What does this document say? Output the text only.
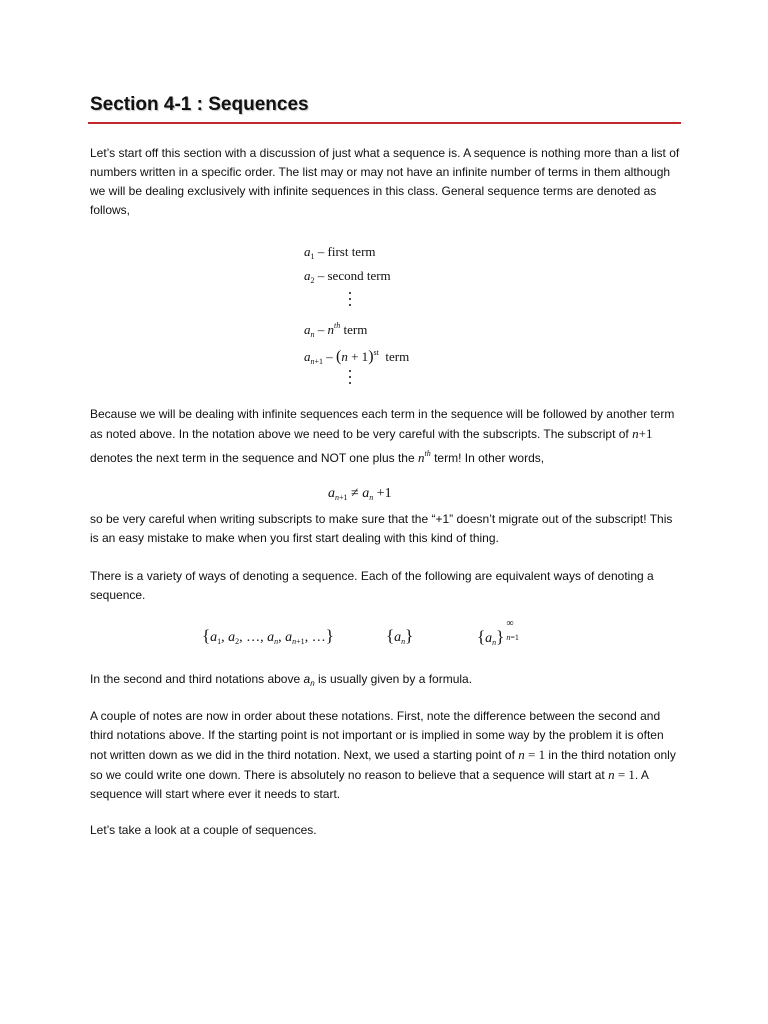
Section 4-1 : Sequences
Let’s start off this section with a discussion of just what a sequence is. A sequence is nothing more than a list of numbers written in a specific order. The list may or may not have an infinite number of terms in them although we will be dealing exclusively with infinite sequences in this class. General sequence terms are denoted as follows,
$a_1$ – first term
$a_2$ – second term
$a_n - n^{th}$ term
$a_{n+1} - (n + 1)^{st}$ term
Because we will be dealing with infinite sequences each term in the sequence will be followed by another term as noted above. In the notation above we need to be very careful with the subscripts. The subscript of n+1 denotes the next term in the sequence and NOT one plus the $n^{th}$ term! In other words,
$a_{n+1} \ne a_n +1$
so be very careful when writing subscripts to make sure that the “+1” doesn’t migrate out of the subscript! This is an easy mistake to make when you first start dealing with this kind of thing.
There is a variety of ways of denoting a sequence. Each of the following are equivalent ways of denoting a sequence.
{$a_1$, $a_2$, …, $a_n$, $a_{n+1}$, …}	$\{a_n\}$	$\{a_n\}$
∞
n=1
In the second and third notations above $a_n$ is usually given by a formula.
A couple of notes are now in order about these notations. First, note the difference between the second and third notations above. If the starting point is not important or is implied in some way by the problem it is often not written down as we did in the third notation. Next, we used a starting point of n = 1 in the third notation only so we could write one down. There is absolutely no reason to believe that a sequence will start at n = 1. A sequence will start where ever it needs to start.
Let’s take a look at a couple of sequences.
